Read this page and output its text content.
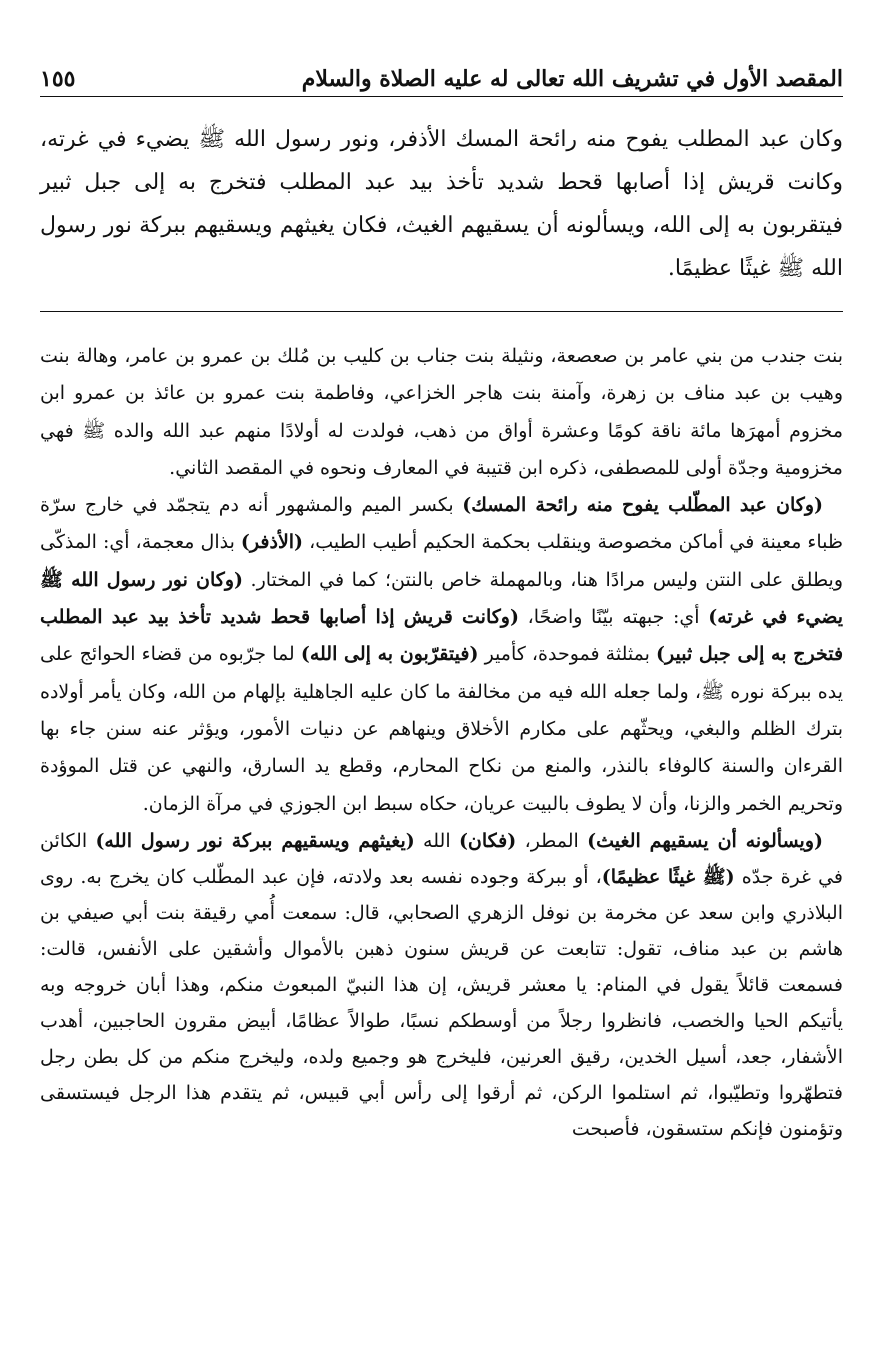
المقصد الأول في تشريف الله تعالى له عليه الصلاة والسلام
١٥٥
وكان عبد المطلب يفوح منه رائحة المسك الأذفر، ونور رسول الله ﷺ يضيء في غرته، وكانت قريش إذا أصابها قحط شديد تأخذ بيد عبد المطلب فتخرج به إلى جبل ثبير فيتقربون به إلى الله، ويسألونه أن يسقيهم الغيث، فكان يغيثهم ويسقيهم ببركة نور رسول الله ﷺ غيثًا عظيمًا.

بنت جندب من بني عامر بن صعصعة، ونثيلة بنت جناب بن كليب بن مُلك بن عمرو بن عامر، وهالة بنت وهيب بن عبد مناف بن زهرة، وآمنة بنت هاجر الخزاعي، وفاطمة بنت عمرو بن عائذ بن عمرو ابن مخزوم أمهرَها مائة ناقة كومًا وعشرة أواق من ذهب، فولدت له أولادًا منهم عبد الله والده ﷺ فهي مخزومية وجدّة أولى للمصطفى، ذكره ابن قتيبة في المعارف ونحوه في المقصد الثاني.

(وكان عبد المطّلب يفوح منه رائحة المسك) بكسر الميم والمشهور أنه دم يتجمّد في خارج سرّة ظباء معينة في أماكن مخصوصة وينقلب بحكمة الحكيم أطيب الطيب، (الأذفر) بذال معجمة، أي: المذكّى ويطلق على النتن وليس مرادًا هنا، وبالمهملة خاص بالنتن؛ كما في المختار. (وكان نور رسول الله ﷺ يضيء في غرته) أي: جبهته بيّنًا واضحًا، (وكانت قريش إذا أصابها قحط شديد تأخذ بيد عبد المطلب فتخرج به إلى جبل ثبير) بمثلثة فموحدة، كأمير (فيتقرّبون به إلى الله) لما جرّبوه من قضاء الحوائج على يده ببركة نوره ﷺ، ولما جعله الله فيه من مخالفة ما كان عليه الجاهلية بإلهام من الله، وكان يأمر أولاده بترك الظلم والبغي، ويحثّهم على مكارم الأخلاق وينهاهم عن دنيات الأمور، ويؤثر عنه سنن جاء بها القرءان والسنة كالوفاء بالنذر، والمنع من نكاح المحارم، وقطع يد السارق، والنهي عن قتل الموؤدة وتحريم الخمر والزنا، وأن لا يطوف بالبيت عريان، حكاه سبط ابن الجوزي في مرآة الزمان.

(ويسألونه أن يسقيهم الغيث) المطر، (فكان) الله (يغيثهم ويسقيهم ببركة نور رسول الله) الكائن في غرة جدّه (ﷺ غيثًا عظيمًا)، أو ببركة وجوده نفسه بعد ولادته، فإن عبد المطّلب كان يخرج به. روى البلاذري وابن سعد عن مخرمة بن نوفل الزهري الصحابي، قال: سمعت أُمي رقيقة بنت أبي صيفي بن هاشم بن عبد مناف، تقول: تتابعت عن قريش سنون ذهبن بالأموال وأشقين على الأنفس، قالت: فسمعت قائلاً يقول في المنام: يا معشر قريش، إن هذا النبيّ المبعوث منكم، وهذا أبان خروجه وبه يأتيكم الحيا والخصب، فانظروا رجلاً من أوسطكم نسبًا، طوالاً عظامًا، أبيض مقرون الحاجبين، أهدب الأشفار، جعد، أسيل الخدين، رقيق العرنين، فليخرج هو وجميع ولده، وليخرج منكم من كل بطن رجل فتطهّروا وتطيّبوا، ثم استلموا الركن، ثم أرقوا إلى رأس أبي قبيس، ثم يتقدم هذا الرجل فيستسقى وتؤمنون فإنكم ستسقون، فأصبحت
